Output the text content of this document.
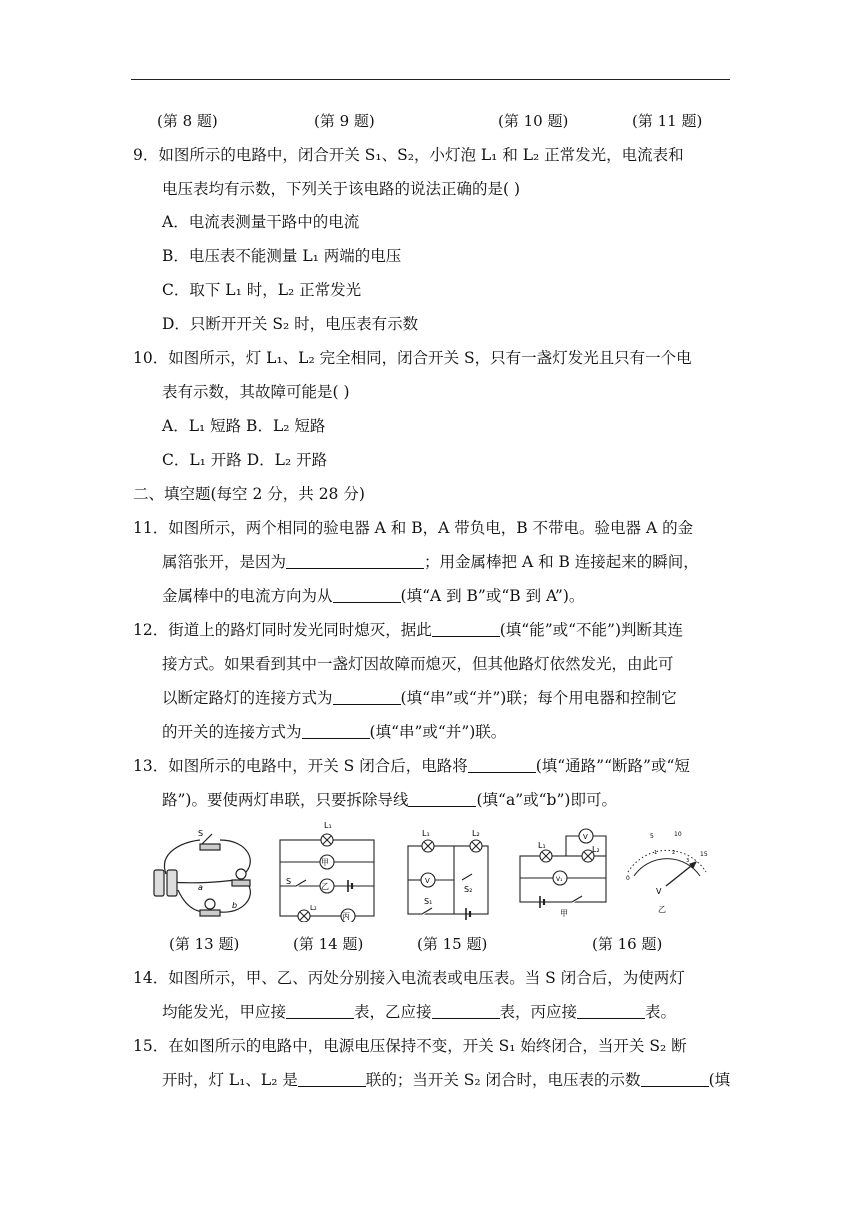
(第 8 题)	(第 9 题)	(第 10 题)	(第 11 题)
9．如图所示的电路中，闭合开关 S₁、S₂，小灯泡 L₁ 和 L₂ 正常发光，电流表和
电压表均有示数，下列关于该电路的说法正确的是( )
A．电流表测量干路中的电流
B．电压表不能测量 L₁ 两端的电压
C．取下 L₁ 时，L₂ 正常发光
D．只断开开关 S₂ 时，电压表有示数
10．如图所示，灯 L₁、L₂ 完全相同，闭合开关 S，只有一盏灯发光且只有一个电
表有示数，其故障可能是( )
A．L₁ 短路 B．L₂ 短路
C．L₁ 开路 D．L₂ 开路
二、填空题(每空 2 分，共 28 分)
11．如图所示，两个相同的验电器 A 和 B，A 带负电，B 不带电。验电器 A 的金
属箔张开，是因为	；用金属棒把 A 和 B 连接起来的瞬间，
金属棒中的电流方向为从	(填“A 到 B”或“B 到 A”)。
12．街道上的路灯同时发光同时熄灭，据此	(填“能”或“不能”)判断其连
接方式。如果看到其中一盏灯因故障而熄灭，但其他路灯依然发光，由此可
以断定路灯的连接方式为	(填“串”或“并”)联；每个用电器和控制它
的开关的连接方式为	(填“串”或“并”)联。
13．如图所示的电路中，开关 S 闭合后，电路将	(填“通路”“断路”或“短
路”)。要使两灯串联，只要拆除导线	(填“a”或“b”)即可。
S
a
b
L₁
甲
乙
S
L₂
丙
L₁	L₂
V
S₂
S₁
L₁	L₂
V
V₁
甲
0
5	10
15
1	2
3
V
乙
(第 13 题)	(第 14 题)	(第 15 题)	(第 16 题)
14．如图所示，甲、乙、丙处分别接入电流表或电压表。当 S 闭合后，为使两灯
均能发光，甲应接	表，乙应接	表，丙应接	表。
15．在如图所示的电路中，电源电压保持不变，开关 S₁ 始终闭合，当开关 S₂ 断
开时，灯 L₁、L₂ 是	联的；当开关 S₂ 闭合时，电压表的示数	(填
